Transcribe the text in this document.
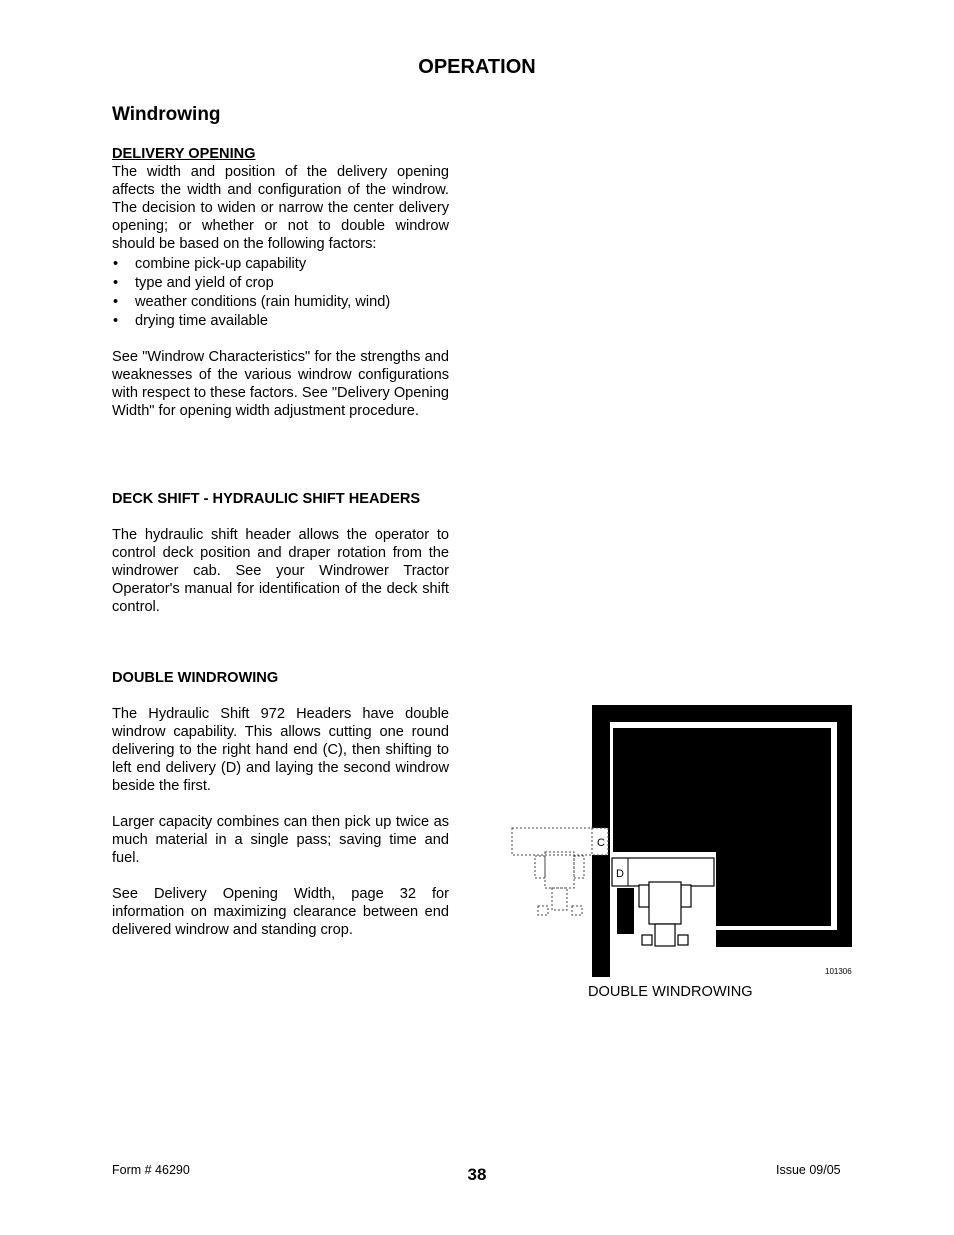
OPERATION
Windrowing
DELIVERY OPENING

The width and position of the delivery opening affects the width and configuration of the windrow. The decision to widen or narrow the center delivery opening; or whether or not to double windrow should be based on the following factors:

• combine pick-up capability
• type and yield of crop
• weather conditions (rain humidity, wind)
• drying time available

See "Windrow Characteristics" for the strengths and weaknesses of the various windrow configurations with respect to these factors. See "Delivery Opening Width" for opening width adjustment procedure.

DECK SHIFT - HYDRAULIC SHIFT HEADERS

The hydraulic shift header allows the operator to control deck position and draper rotation from the windrower cab. See your Windrower Tractor Operator's manual for identification of the deck shift control.

DOUBLE WINDROWING

The Hydraulic Shift 972 Headers have double windrow capability. This allows cutting one round delivering to the right hand end (C), then shifting to left end delivery (D) and laying the second windrow beside the first.

Larger capacity combines can then pick up twice as much material in a single pass; saving time and fuel.

See Delivery Opening Width, page 32 for information on maximizing clearance between end delivered windrow and standing crop.

C
D
101306
DOUBLE WINDROWING
Form # 46290	38	Issue 09/05
